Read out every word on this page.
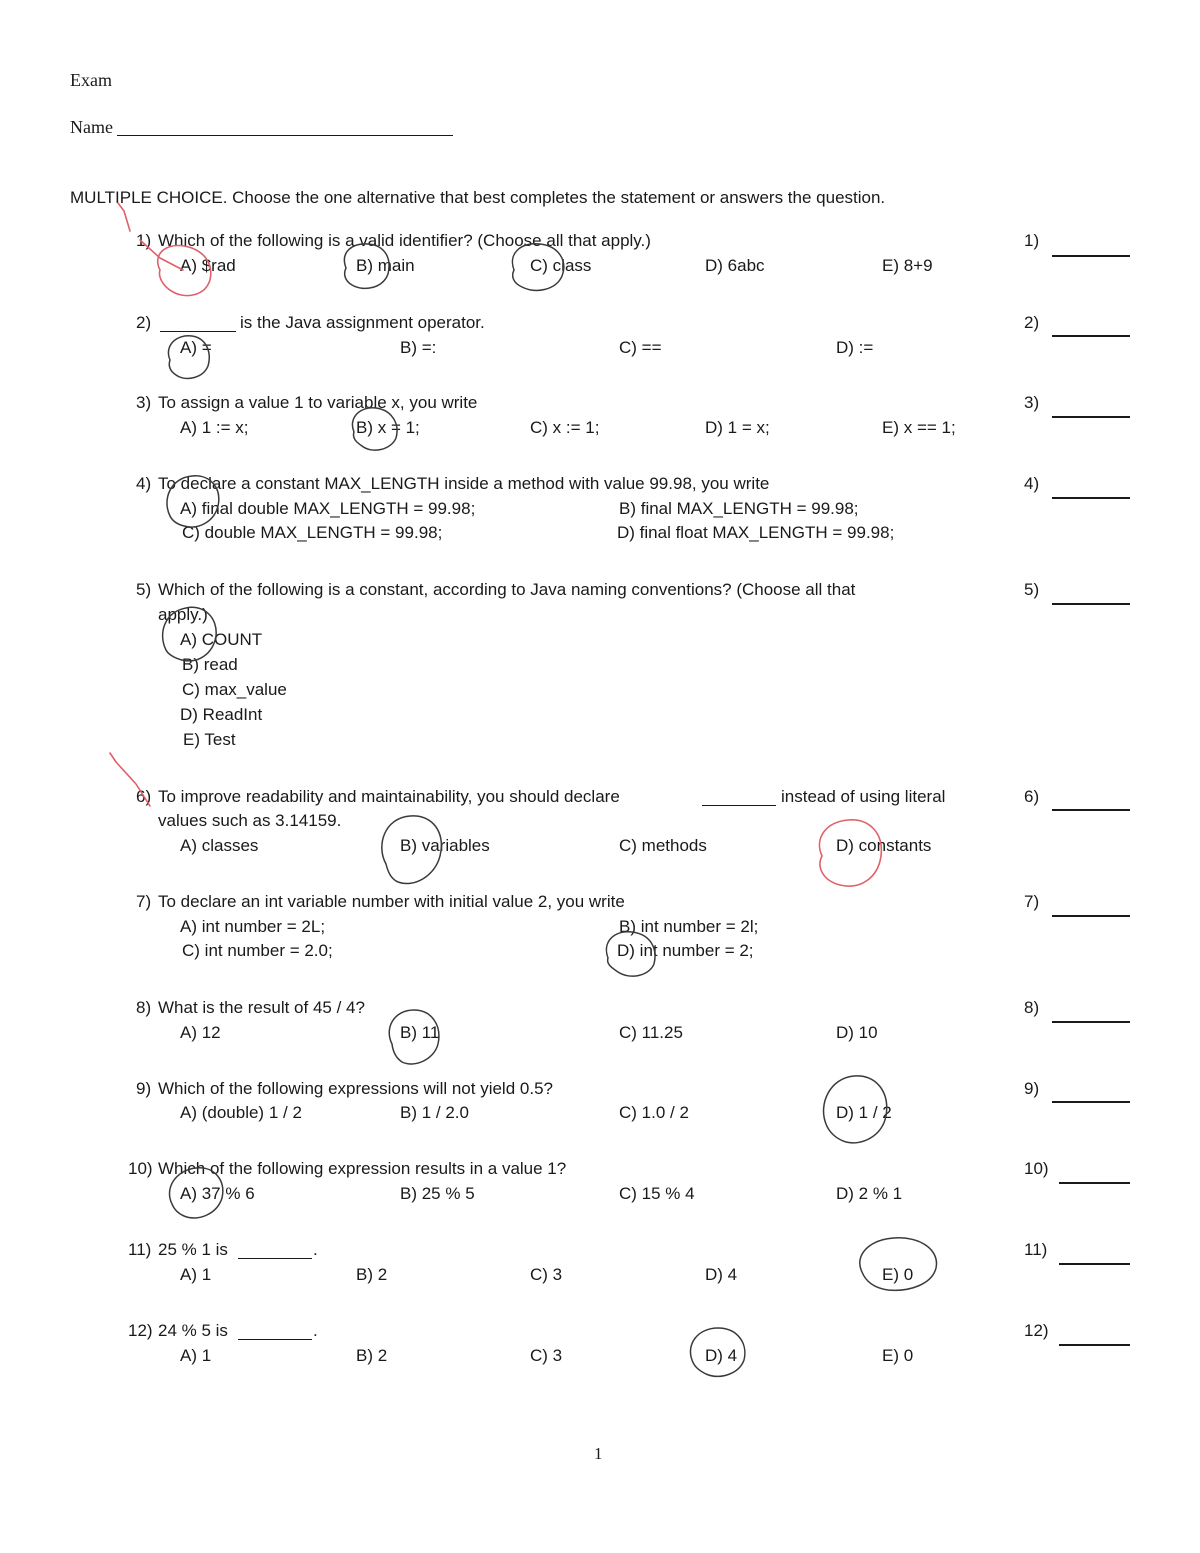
Exam
Name
MULTIPLE CHOICE. Choose the one alternative that best completes the statement or answers the question.
1) Which of the following is a valid identifier? (Choose all that apply.)
A) $rad	B) main	C) class	D) 6abc	E) 8+9
1)
2)	is the Java assignment operator.
A) =	B) =:	C) ==	D) :=
2)
3) To assign a value 1 to variable x, you write
A) 1 := x;	B) x = 1;	C) x := 1;	D) 1 = x;	E) x == 1;
3)
4) To declare a constant MAX_LENGTH inside a method with value 99.98, you write
A) final double MAX_LENGTH = 99.98;	B) final MAX_LENGTH = 99.98;
C) double MAX_LENGTH = 99.98;	D) final float MAX_LENGTH = 99.98;
4)
5) Which of the following is a constant, according to Java naming conventions? (Choose all that
apply.)
A) COUNT
B) read
C) max_value
D) ReadInt
E) Test
5)
6) To improve readability and maintainability, you should declare	instead of using literal
values such as 3.14159.
A) classes	B) variables	C) methods	D) constants
6)
7) To declare an int variable number with initial value 2, you write
A) int number = 2L;	B) int number = 2l;
C) int number = 2.0;	D) int number = 2;
7)
8) What is the result of 45 / 4?
A) 12	B) 11	C) 11.25	D) 10
8)
9) Which of the following expressions will not yield 0.5?
A) (double) 1 / 2	B) 1 / 2.0	C) 1.0 / 2	D) 1 / 2
9)
10) Which of the following expression results in a value 1?
A) 37 % 6	B) 25 % 5	C) 15 % 4	D) 2 % 1
10)
11) 25 % 1 is	.
A) 1	B) 2	C) 3	D) 4	E) 0
11)
12) 24 % 5 is	.
A) 1	B) 2	C) 3	D) 4	E) 0
12)
1
